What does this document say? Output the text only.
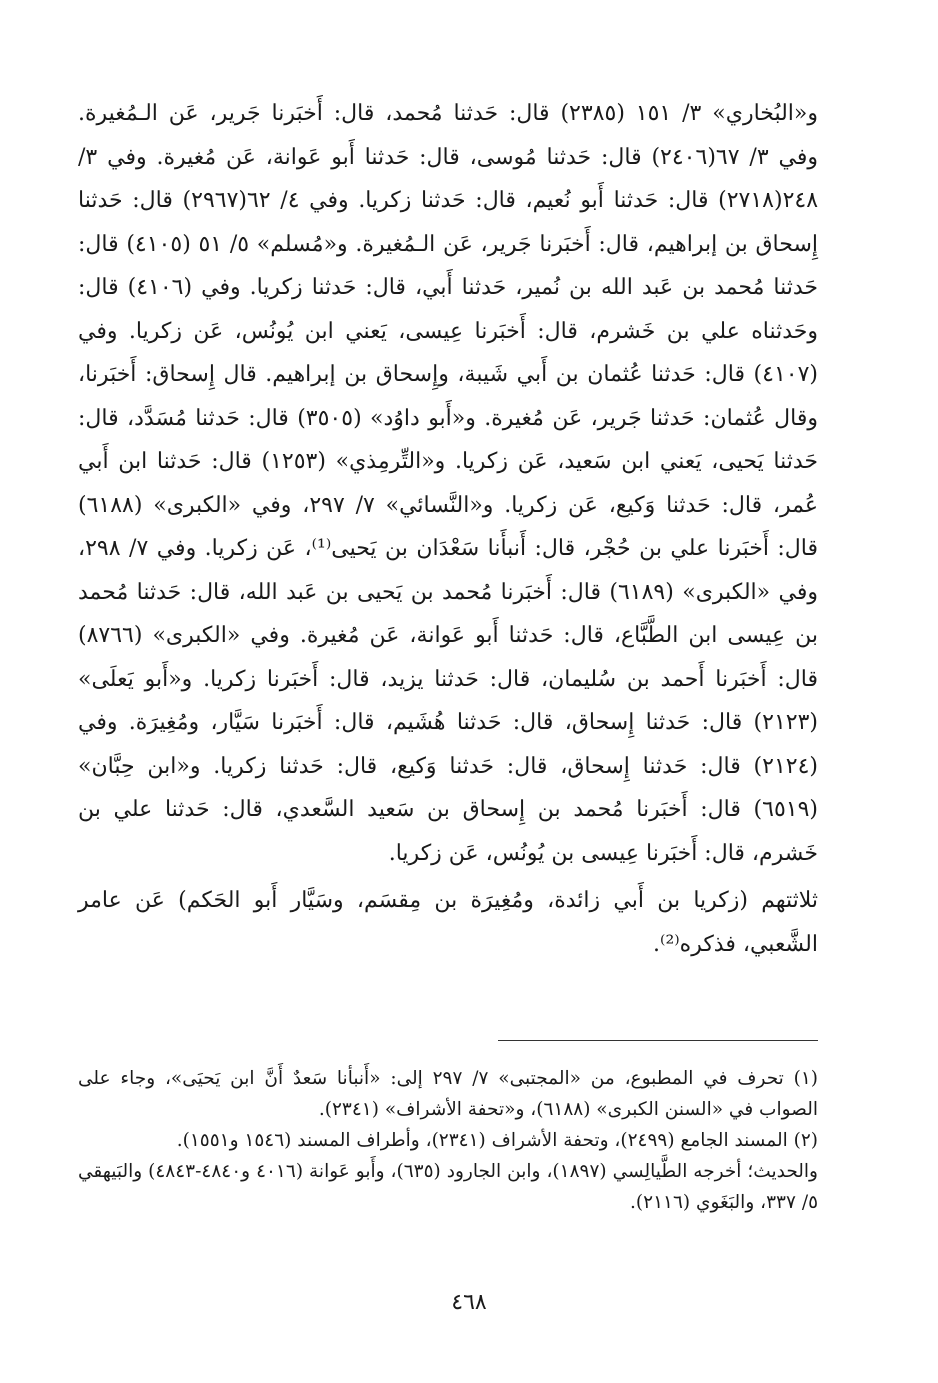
و«البُخاري» ٣/ ١٥١ (٢٣٨٥) قال: حَدثنا مُحمد، قال: أَخبَرنا جَرير، عَن الـمُغيرة. وفي ٣/ ٦٧(٢٤٠٦) قال: حَدثنا مُوسى، قال: حَدثنا أَبو عَوانة، عَن مُغيرة. وفي ٣/ ٢٤٨(٢٧١٨) قال: حَدثنا أَبو نُعيم، قال: حَدثنا زكريا. وفي ٤/ ٦٢(٢٩٦٧) قال: حَدثنا إِسحاق بن إبراهيم، قال: أَخبَرنا جَرير، عَن الـمُغيرة. و«مُسلم» ٥/ ٥١ (٤١٠٥) قال: حَدثنا مُحمد بن عَبد الله بن نُمير، حَدثنا أَبي، قال: حَدثنا زكريا. وفي (٤١٠٦) قال: وحَدثناه علي بن خَشرم، قال: أَخبَرنا عِيسى، يَعني ابن يُونُس، عَن زكريا. وفي (٤١٠٧) قال: حَدثنا عُثمان بن أَبي شَيبة، وإِسحاق بن إبراهيم. قال إِسحاق: أَخبَرنا، وقال عُثمان: حَدثنا جَرير، عَن مُغيرة. و«أَبو داوُد» (٣٥٠٥) قال: حَدثنا مُسَدَّد، قال: حَدثنا يَحيى، يَعني ابن سَعيد، عَن زكريا. و«التِّرمِذي» (١٢٥٣) قال: حَدثنا ابن أَبي عُمر، قال: حَدثنا وَكيع، عَن زكريا. و«النَّسائي» ٧/ ٢٩٧، وفي «الكبرى» (٦١٨٨) قال: أَخبَرنا علي بن حُجْر، قال: أَنبأَنا سَعْدَان بن يَحيى⁽¹⁾، عَن زكريا. وفي ٧/ ٢٩٨، وفي «الكبرى» (٦١٨٩) قال: أَخبَرنا مُحمد بن يَحيى بن عَبد الله، قال: حَدثنا مُحمد بن عِيسى ابن الطَّبَّاع، قال: حَدثنا أَبو عَوانة، عَن مُغيرة. وفي «الكبرى» (٨٧٦٦) قال: أَخبَرنا أَحمد بن سُليمان، قال: حَدثنا يزيد، قال: أَخبَرنا زكريا. و«أَبو يَعلَى» (٢١٢٣) قال: حَدثنا إِسحاق، قال: حَدثنا هُشَيم، قال: أَخبَرنا سَيَّار، ومُغِيرَة. وفي (٢١٢٤) قال: حَدثنا إِسحاق، قال: حَدثنا وَكيع، قال: حَدثنا زكريا. و«ابن حِبَّان» (٦٥١٩) قال: أَخبَرنا مُحمد بن إِسحاق بن سَعيد السَّعدي، قال: حَدثنا علي بن خَشرم، قال: أَخبَرنا عِيسى بن يُونُس، عَن زكريا.

ثلاثتهم (زكريا بن أَبي زائدة، ومُغِيرَة بن مِقسَم، وسَيَّار أَبو الحَكم) عَن عامر الشَّعبي، فذكره⁽²⁾.

(١) تحرف في المطبوع، من «المجتبى» ٧/ ٢٩٧ إلى: «أَنبأنا سَعدٌ أَنَّ ابن يَحيَى»، وجاء على الصواب في «السنن الكبرى» (٦١٨٨)، و«تحفة الأشراف» (٢٣٤١).

(٢) المسند الجامع (٢٤٩٩)، وتحفة الأشراف (٢٣٤١)، وأطراف المسند (١٥٤٦ و١٥٥١).

والحديث؛ أخرجه الطَّيالِسي (١٨٩٧)، وابن الجارود (٦٣٥)، وأَبو عَوانة (٤٠١٦ و٤٨٤٠-٤٨٤٣) والبَيهقي ٥/ ٣٣٧، والبَغَوي (٢١١٦).

٤٦٨
